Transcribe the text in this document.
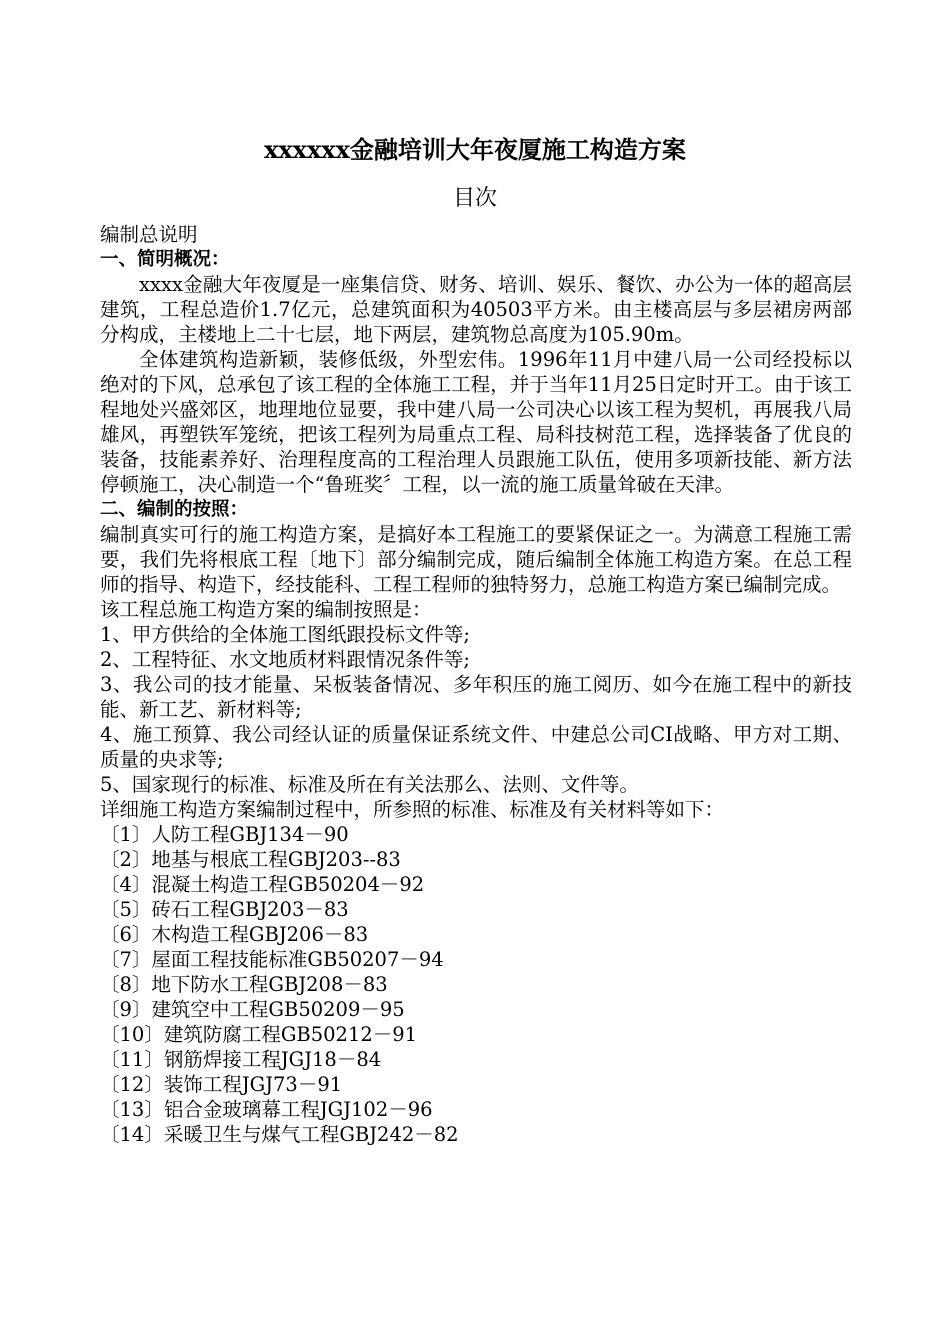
xxxxxx金融培训大年夜厦施工构造方案
目次

编制总说明

一、简明概况：

xxxx金融大年夜厦是一座集信贷、财务、培训、娱乐、餐饮、办公为一体的超高层建筑，工程总造价1.7亿元，总建筑面积为40503平方米。由主楼高层与多层裙房两部分构成，主楼地上二十七层，地下两层，建筑物总高度为105.90m。

全体建筑构造新颖，装修低级，外型宏伟。1996年11月中建八局一公司经投标以绝对的下风，总承包了该工程的全体施工工程，并于当年11月25日定时开工。由于该工程地处兴盛郊区，地理地位显要，我中建八局一公司决心以该工程为契机，再展我八局雄风，再塑铁军笼统，把该工程列为局重点工程、局科技树范工程，选择装备了优良的装备，技能素养好、治理程度高的工程治理人员跟施工队伍，使用多项新技能、新方法停顿施工，决心制造一个“鲁班奖〞工程，以一流的施工质量耸破在天津。

二、编制的按照：

编制真实可行的施工构造方案，是搞好本工程施工的要紧保证之一。为满意工程施工需要，我们先将根底工程〔地下〕部分编制完成，随后编制全体施工构造方案。在总工程师的指导、构造下，经技能科、工程工程师的独特努力，总施工构造方案已编制完成。

该工程总施工构造方案的编制按照是：

1、甲方供给的全体施工图纸跟投标文件等;

2、工程特征、水文地质材料跟情况条件等;

3、我公司的技才能量、呆板装备情况、多年积压的施工阅历、如今在施工程中的新技能、新工艺、新材料等;

4、施工预算、我公司经认证的质量保证系统文件、中建总公司CI战略、甲方对工期、质量的央求等;

5、国家现行的标准、标准及所在有关法那么、法则、文件等。

详细施工构造方案编制过程中，所参照的标准、标准及有关材料等如下：

〔1〕人防工程GBJ134－90

〔2〕地基与根底工程GBJ203--83

〔4〕混凝土构造工程GB50204－92

〔5〕砖石工程GBJ203－83

〔6〕木构造工程GBJ206－83

〔7〕屋面工程技能标准GB50207－94

〔8〕地下防水工程GBJ208－83

〔9〕建筑空中工程GB50209－95

〔10〕建筑防腐工程GB50212－91

〔11〕钢筋焊接工程JGJ18－84

〔12〕装饰工程JGJ73－91

〔13〕铝合金玻璃幕工程JGJ102－96

〔14〕采暖卫生与煤气工程GBJ242－82
